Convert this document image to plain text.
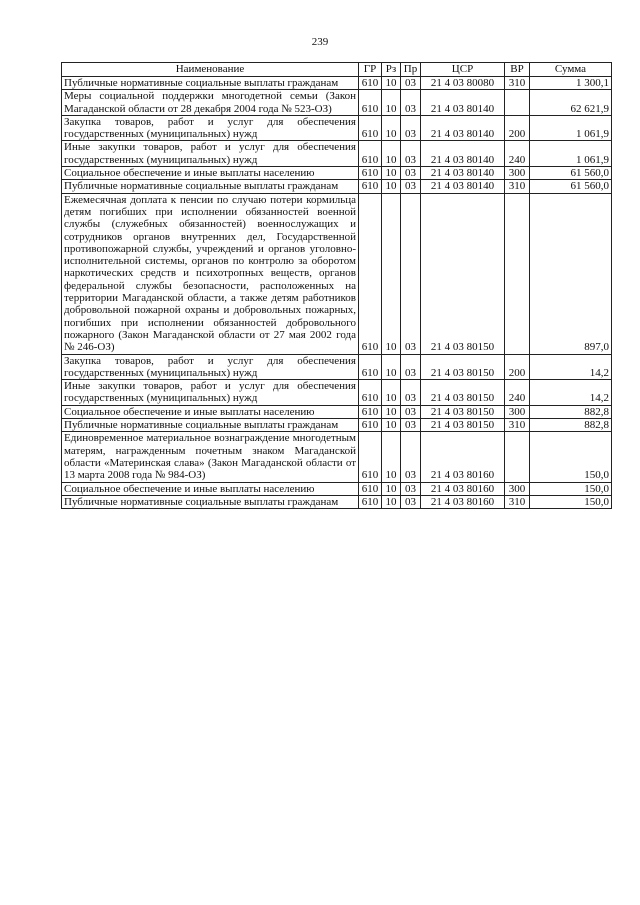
239
Наименование	ГР	Рз	Пр	ЦСР	ВР	Сумма
Публичные нормативные социальные выплаты гражданам	610	10	03	21 4 03 80080	310	1 300,1
Меры социальной поддержки многодетной семьи (Закон Магаданской области от 28 декабря 2004 года № 523-ОЗ)	610	10	03	21 4 03 80140		62 621,9
Закупка товаров, работ и услуг для обеспечения государственных (муниципальных) нужд	610	10	03	21 4 03 80140	200	1 061,9
Иные закупки товаров, работ и услуг для обеспечения государственных (муниципальных) нужд	610	10	03	21 4 03 80140	240	1 061,9
Социальное обеспечение и иные выплаты населению	610	10	03	21 4 03 80140	300	61 560,0
Публичные нормативные социальные выплаты гражданам	610	10	03	21 4 03 80140	310	61 560,0
Ежемесячная доплата к пенсии по случаю потери кормильца детям погибших при исполнении обязанностей военной службы (служебных обязанностей) военнослужащих и сотрудников органов внутренних дел, Государственной противопожарной службы, учреждений и органов уголовно-исполнительной системы, органов по контролю за оборотом наркотических средств и психотропных веществ, органов федеральной службы безопасности, расположенных на территории Магаданской области, а также детям работников добровольной пожарной охраны и добровольных пожарных, погибших при исполнении обязанностей добровольного пожарного (Закон Магаданской области от 27 мая 2002 года № 246-ОЗ)	610	10	03	21 4 03 80150		897,0
Закупка товаров, работ и услуг для обеспечения государственных (муниципальных) нужд	610	10	03	21 4 03 80150	200	14,2
Иные закупки товаров, работ и услуг для обеспечения государственных (муниципальных) нужд	610	10	03	21 4 03 80150	240	14,2
Социальное обеспечение и иные выплаты населению	610	10	03	21 4 03 80150	300	882,8
Публичные нормативные социальные выплаты гражданам	610	10	03	21 4 03 80150	310	882,8
Единовременное материальное вознаграждение многодетным матерям, награжденным почетным знаком Магаданской области «Материнская слава» (Закон Магаданской области от 13 марта 2008 года № 984-ОЗ)	610	10	03	21 4 03 80160		150,0
Социальное обеспечение и иные выплаты населению	610	10	03	21 4 03 80160	300	150,0
Публичные нормативные социальные выплаты гражданам	610	10	03	21 4 03 80160	310	150,0
